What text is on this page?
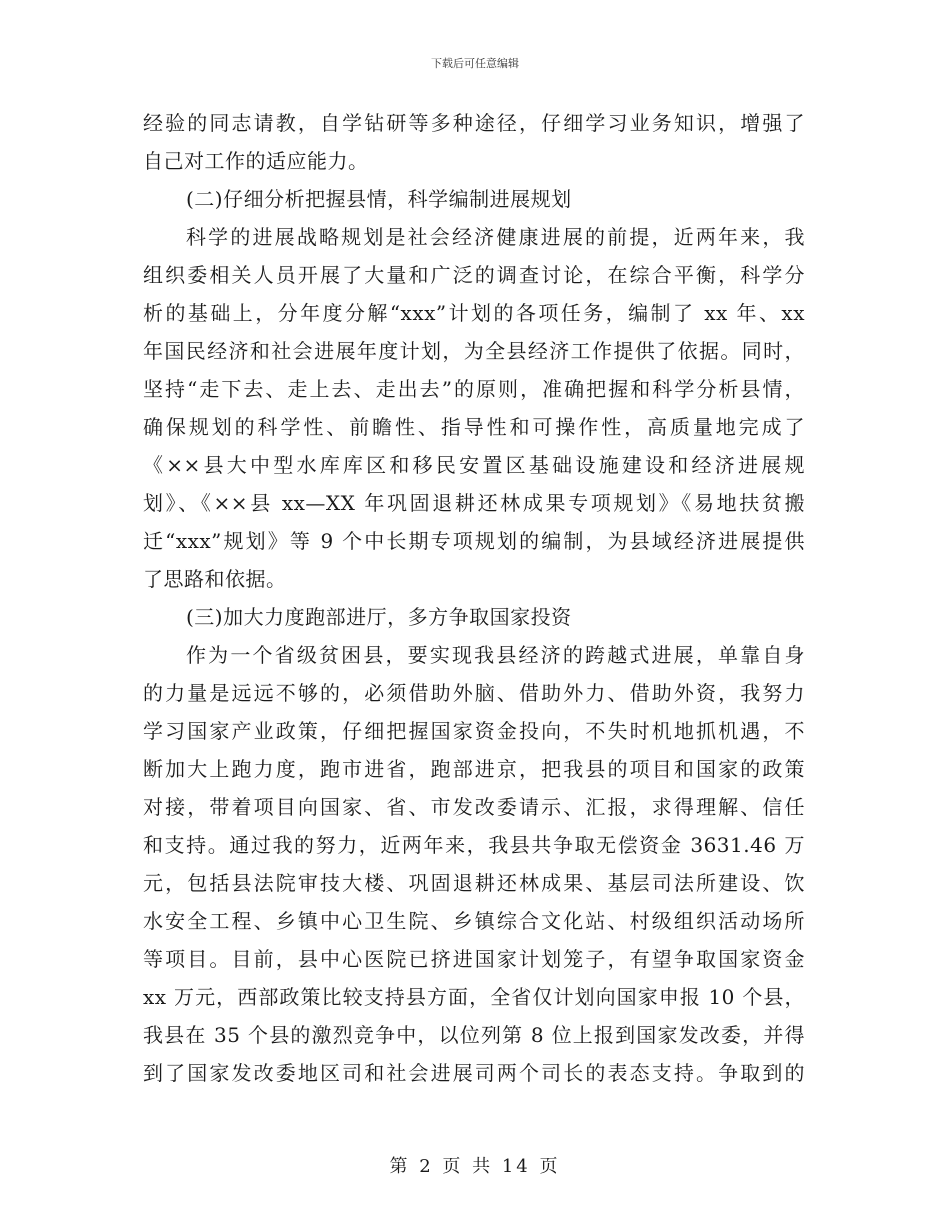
下载后可任意编辑
经验的同志请教，自学钻研等多种途径，仔细学习业务知识，增强了
自己对工作的适应能力。
(二)仔细分析把握县情，科学编制进展规划
科学的进展战略规划是社会经济健康进展的前提，近两年来，我
组织委相关人员开展了大量和广泛的调查讨论，在综合平衡，科学分
析的基础上，分年度分解“xxx”计划的各项任务，编制了 xx 年、xx
年国民经济和社会进展年度计划，为全县经济工作提供了依据。同时，
坚持“走下去、走上去、走出去”的原则，准确把握和科学分析县情，
确保规划的科学性、前瞻性、指导性和可操作性，高质量地完成了
《××县大中型水库库区和移民安置区基础设施建设和经济进展规
划》、《××县 xx—XX 年巩固退耕还林成果专项规划》《易地扶贫搬
迁“xxx”规划》等 9 个中长期专项规划的编制，为县域经济进展提供
了思路和依据。
(三)加大力度跑部进厅，多方争取国家投资
作为一个省级贫困县，要实现我县经济的跨越式进展，单靠自身
的力量是远远不够的，必须借助外脑、借助外力、借助外资，我努力
学习国家产业政策，仔细把握国家资金投向，不失时机地抓机遇，不
断加大上跑力度，跑市进省，跑部进京，把我县的项目和国家的政策
对接，带着项目向国家、省、市发改委请示、汇报，求得理解、信任
和支持。通过我的努力，近两年来，我县共争取无偿资金 3631.46 万
元，包括县法院审技大楼、巩固退耕还林成果、基层司法所建设、饮
水安全工程、乡镇中心卫生院、乡镇综合文化站、村级组织活动场所
等项目。目前，县中心医院已挤进国家计划笼子，有望争取国家资金
xx 万元，西部政策比较支持县方面，全省仅计划向国家申报 10 个县，
我县在 35 个县的激烈竞争中，以位列第 8 位上报到国家发改委，并得
到了国家发改委地区司和社会进展司两个司长的表态支持。争取到的
第 2 页 共 14 页
